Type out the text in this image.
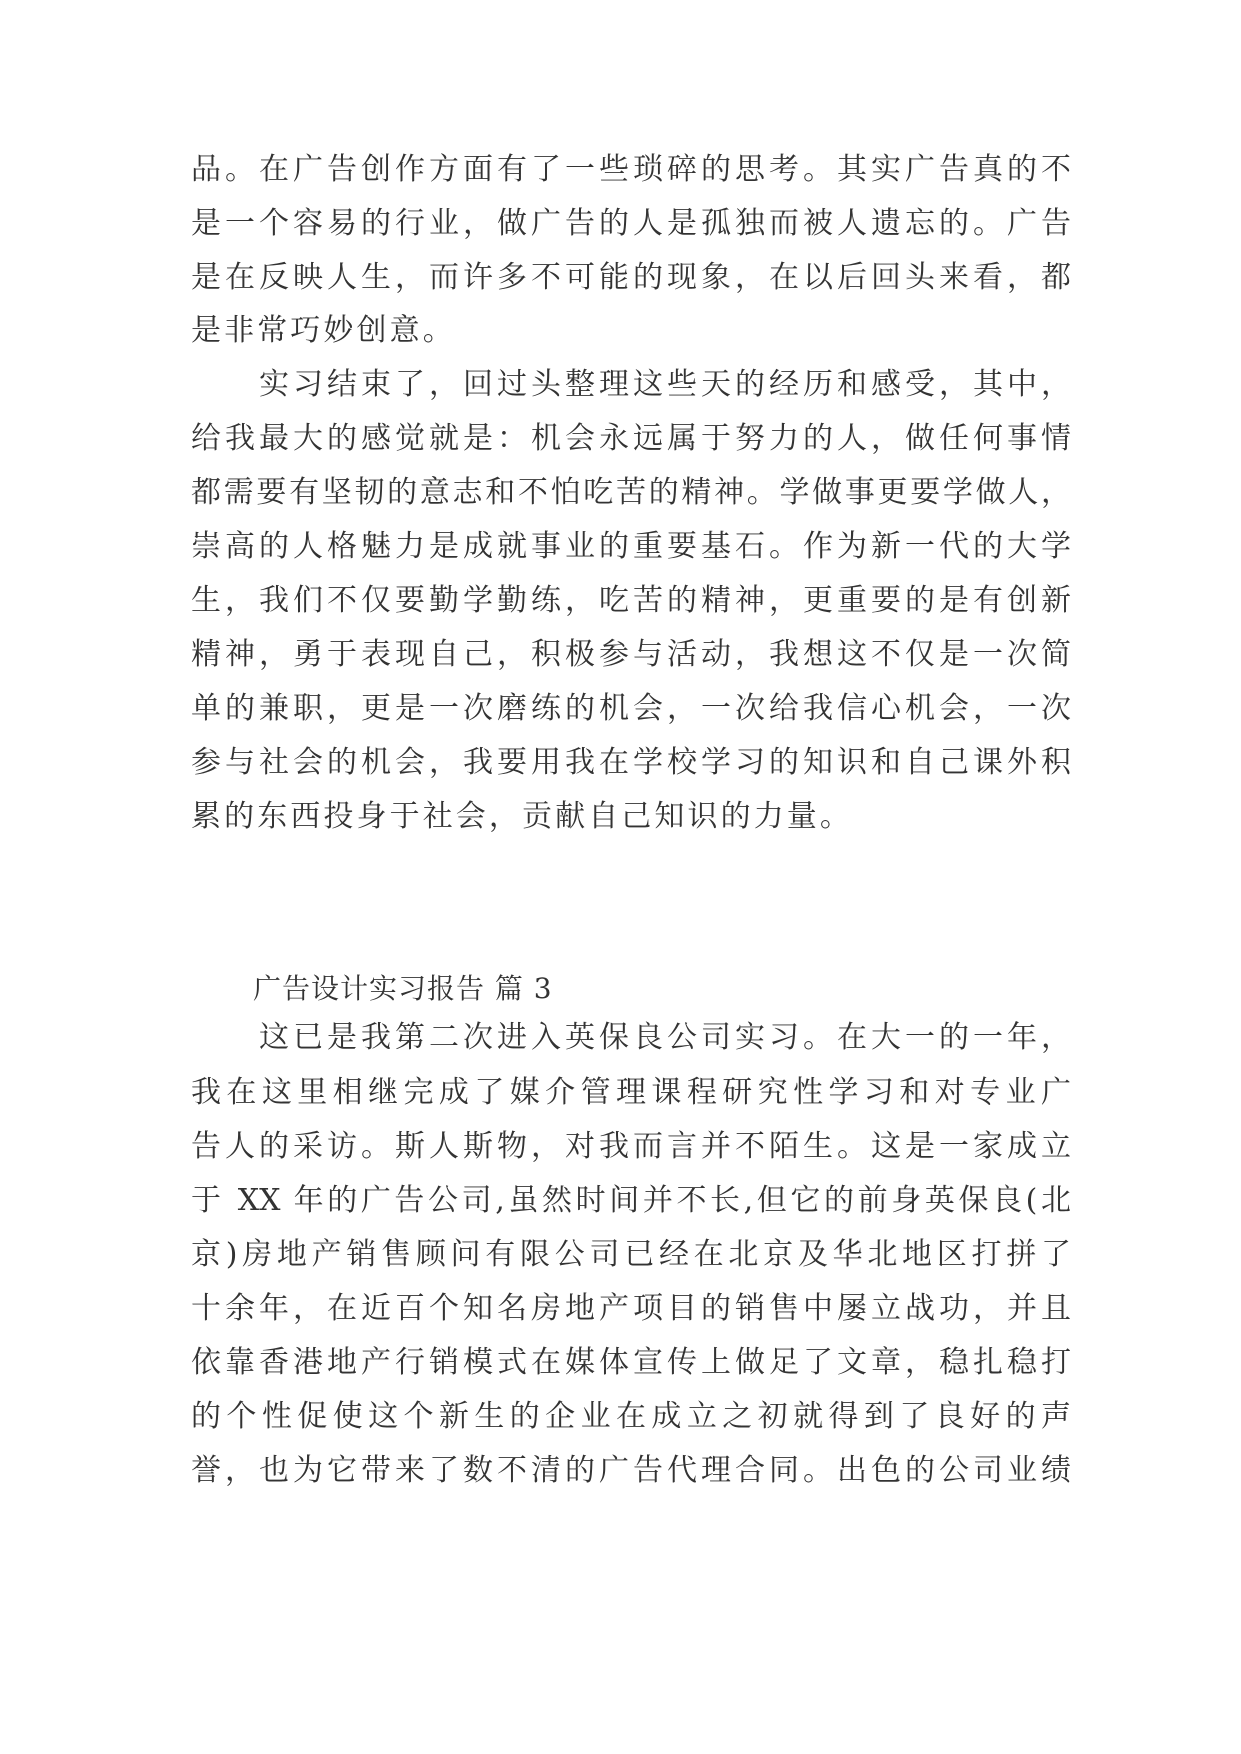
品。在广告创作方面有了一些琐碎的思考。其实广告真的不
是一个容易的行业，做广告的人是孤独而被人遗忘的。广告
是在反映人生，而许多不可能的现象，在以后回头来看，都
是非常巧妙创意。
实习结束了，回过头整理这些天的经历和感受，其中，
给我最大的感觉就是：机会永远属于努力的人，做任何事情
都需要有坚韧的意志和不怕吃苦的精神。学做事更要学做人，
崇高的人格魅力是成就事业的重要基石。作为新一代的大学
生，我们不仅要勤学勤练，吃苦的精神，更重要的是有创新
精神，勇于表现自己，积极参与活动，我想这不仅是一次简
单的兼职，更是一次磨练的机会，一次给我信心机会，一次
参与社会的机会，我要用我在学校学习的知识和自己课外积
累的东西投身于社会，贡献自己知识的力量。
广告设计实习报告 篇 3
这已是我第二次进入英保良公司实习。在大一的一年，
我在这里相继完成了媒介管理课程研究性学习和对专业广
告人的采访。斯人斯物，对我而言并不陌生。这是一家成立
于 XX 年的广告公司,虽然时间并不长,但它的前身英保良(北
京)房地产销售顾问有限公司已经在北京及华北地区打拼了
十余年，在近百个知名房地产项目的销售中屡立战功，并且
依靠香港地产行销模式在媒体宣传上做足了文章，稳扎稳打
的个性促使这个新生的企业在成立之初就得到了良好的声
誉，也为它带来了数不清的广告代理合同。出色的公司业绩
